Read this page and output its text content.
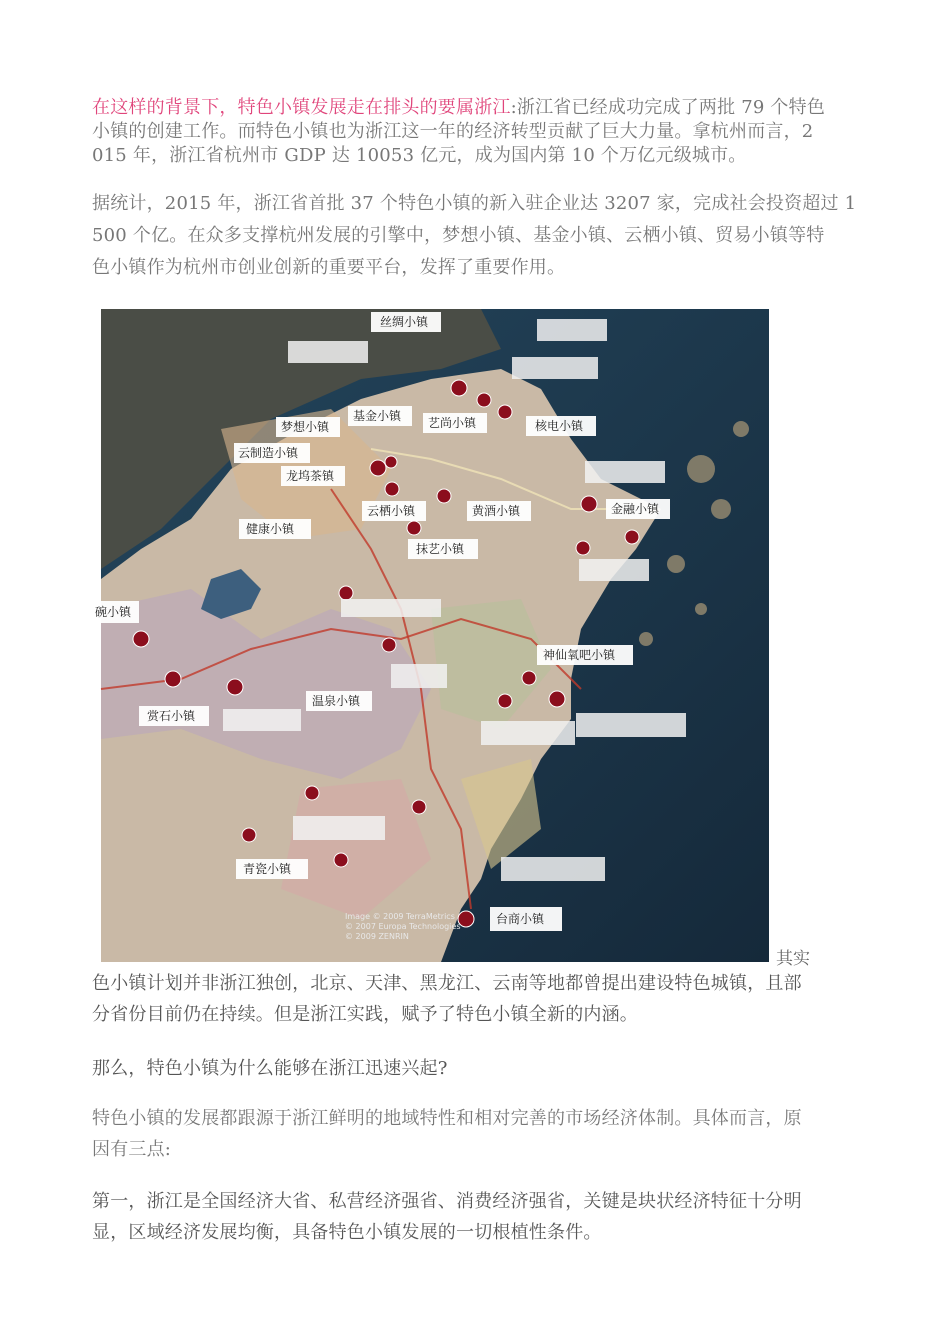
在这样的背景下，特色小镇发展走在排头的要属浙江:浙江省已经成功完成了两批 79 个特色
小镇的创建工作。而特色小镇也为浙江这一年的经济转型贡献了巨大力量。拿杭州而言，2
015 年，浙江省杭州市 GDP 达 10053 亿元，成为国内第 10 个万亿元级城市。
据统计，2015 年，浙江省首批 37 个特色小镇的新入驻企业达 3207 家，完成社会投资超过 1
500 个亿。在众多支撑杭州发展的引擎中，梦想小镇、基金小镇、云栖小镇、贸易小镇等特
色小镇作为杭州市创业创新的重要平台，发挥了重要作用。
丝绸小镇
基金小镇 艺尚小镇	核电小镇
梦想小镇
云制造小镇
龙坞茶镇
云栖小镇	黄酒小镇	金融小镇
健康小镇
抹艺小镇
神仙氧吧小镇
温泉小镇
赏石小镇
青瓷小镇
台商小镇
碗小镇
Image © 2009 TerraMetrics
© 2007 Europa Technologies
© 2009 ZENRIN
其实
色小镇计划并非浙江独创，北京、天津、黑龙江、云南等地都曾提出建设特色城镇，且部
分省份目前仍在持续。但是浙江实践，赋予了特色小镇全新的内涵。
那么，特色小镇为什么能够在浙江迅速兴起?
特色小镇的发展都跟源于浙江鲜明的地域特性和相对完善的市场经济体制。具体而言，原
因有三点:
第一，浙江是全国经济大省、私营经济强省、消费经济强省，关键是块状经济特征十分明
显，区域经济发展均衡，具备特色小镇发展的一切根植性条件。
